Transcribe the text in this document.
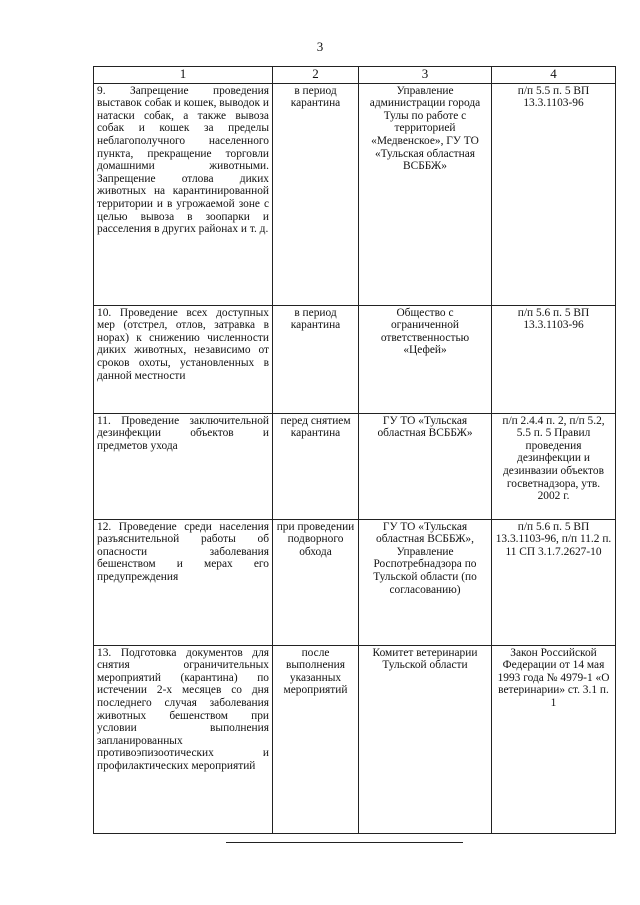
3
1	2	3	4
9. Запрещение проведения выставок собак и кошек, выводок и натаски собак, а также вывоза собак и кошек за пределы неблагополучного населенного пункта, прекращение торговли домашними животными. Запрещение отлова диких животных на карантинированной территории и в угрожаемой зоне с целью вывоза в зоопарки и расселения в других районах и т. д.	в период карантина	Управление администрации города Тулы по работе с территорией «Медвенское», ГУ ТО «Тульская областная ВСББЖ»	п/п 5.5 п. 5 ВП 13.3.1103-96
10. Проведение всех доступных мер (отстрел, отлов, затравка в норах) к снижению численности диких животных, независимо от сроков охоты, установленных в данной местности	в период карантина	Общество с ограниченной ответственностью «Цефей»	п/п 5.6 п. 5 ВП 13.3.1103-96
11. Проведение заключительной дезинфекции объектов и предметов ухода	перед снятием карантина	ГУ ТО «Тульская областная ВСББЖ»	п/п 2.4.4 п. 2, п/п 5.2, 5.5 п. 5 Правил проведения дезинфекции и дезинвазии объектов госветнадзора, утв. 2002 г.
12. Проведение среди населения разъяснительной работы об опасности заболевания бешенством и мерах его предупреждения	при проведении подворного обхода	ГУ ТО «Тульская областная ВСББЖ», Управление Роспотребнадзора по Тульской области (по согласованию)	п/п 5.6 п. 5 ВП 13.3.1103-96, п/п 11.2 п. 11 СП 3.1.7.2627-10
13. Подготовка документов для снятия ограничительных мероприятий (карантина) по истечении 2-х месяцев со дня последнего случая заболевания животных бешенством при условии выполнения запланированных противоэпизоотических и профилактических мероприятий	после выполнения указанных мероприятий	Комитет ветеринарии Тульской области	Закон Российской Федерации от 14 мая 1993 года № 4979-1 «О ветеринарии» ст. 3.1 п. 1
